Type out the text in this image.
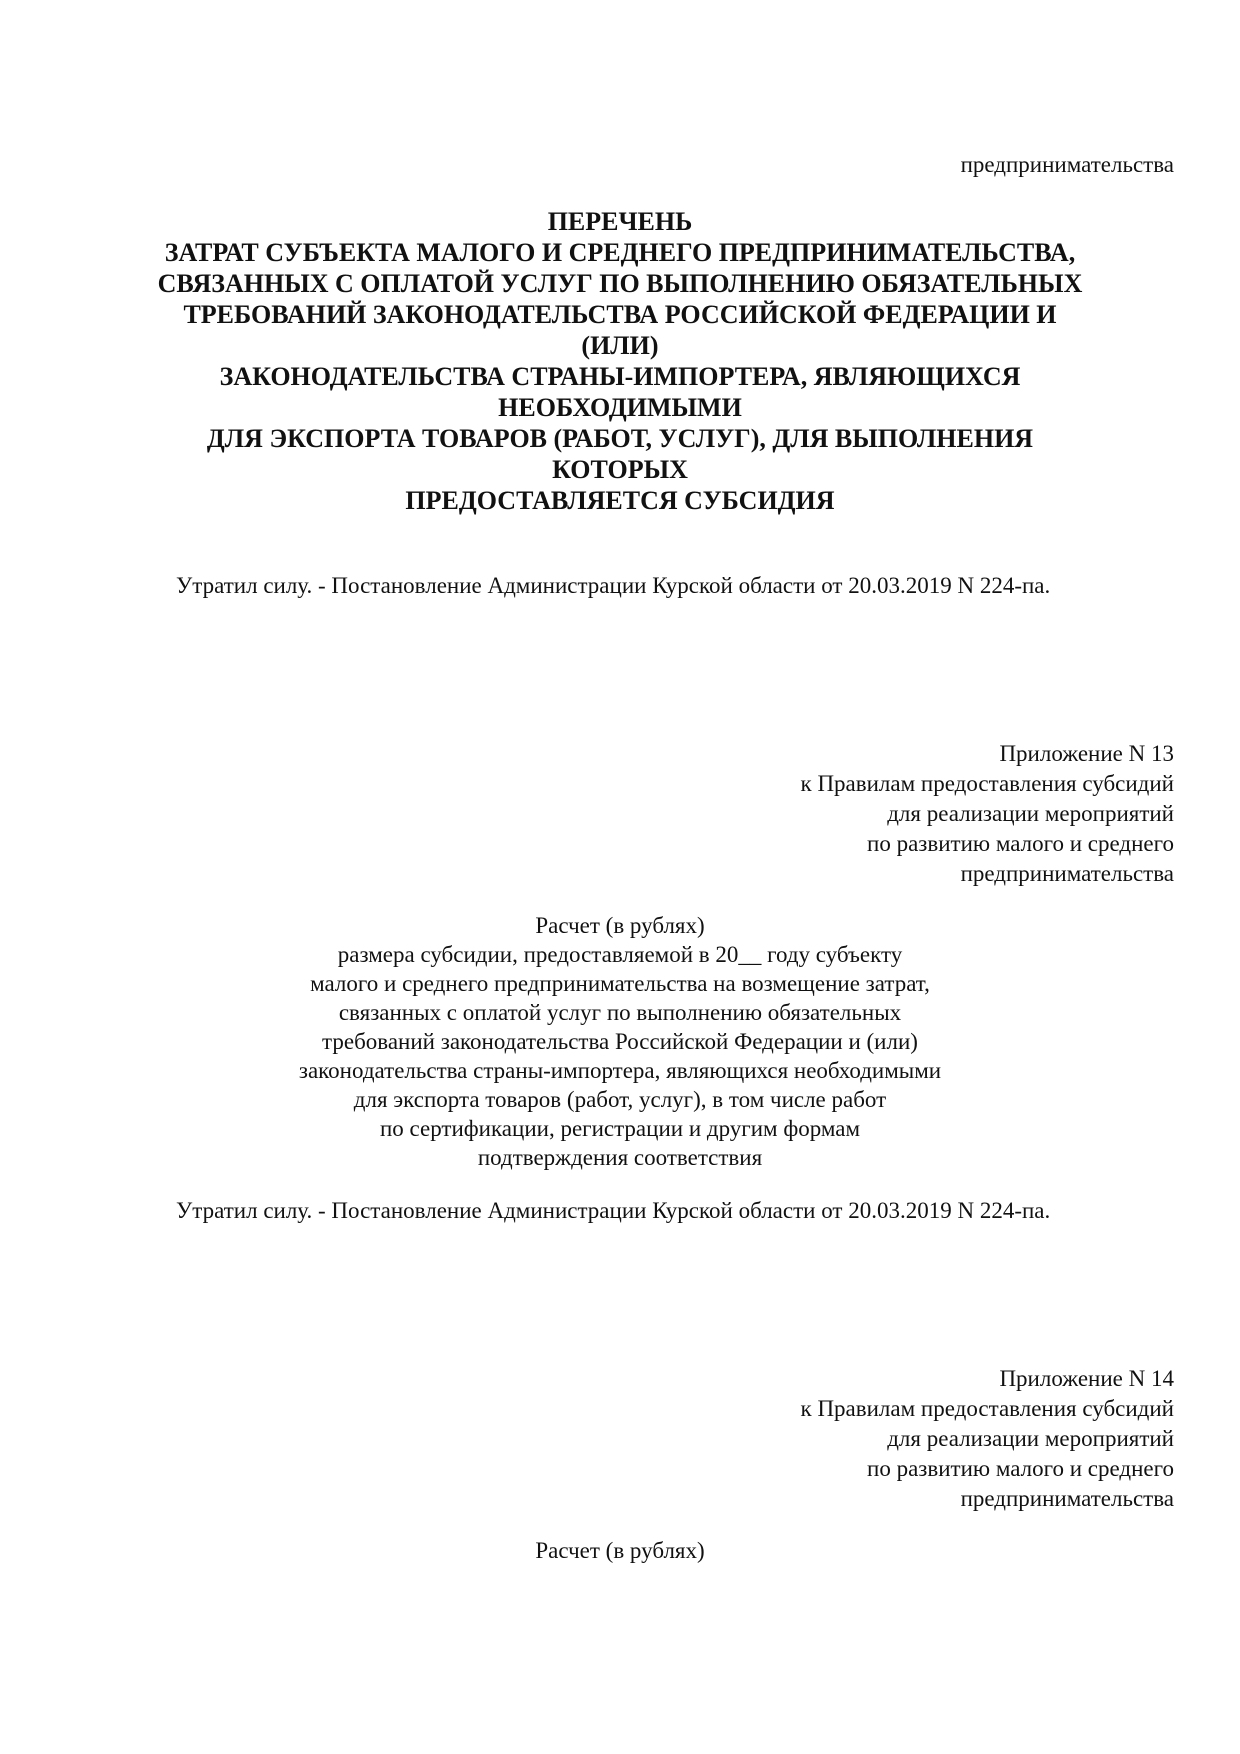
предпринимательства
ПЕРЕЧЕНЬ
ЗАТРАТ СУБЪЕКТА МАЛОГО И СРЕДНЕГО ПРЕДПРИНИМАТЕЛЬСТВА,
СВЯЗАННЫХ С ОПЛАТОЙ УСЛУГ ПО ВЫПОЛНЕНИЮ ОБЯЗАТЕЛЬНЫХ
ТРЕБОВАНИЙ ЗАКОНОДАТЕЛЬСТВА РОССИЙСКОЙ ФЕДЕРАЦИИ И
(ИЛИ)
ЗАКОНОДАТЕЛЬСТВА СТРАНЫ-ИМПОРТЕРА, ЯВЛЯЮЩИХСЯ
НЕОБХОДИМЫМИ
ДЛЯ ЭКСПОРТА ТОВАРОВ (РАБОТ, УСЛУГ), ДЛЯ ВЫПОЛНЕНИЯ
КОТОРЫХ
ПРЕДОСТАВЛЯЕТСЯ СУБСИДИЯ
Утратил силу. - Постановление Администрации Курской области от 20.03.2019 N 224-па.
Приложение N 13
к Правилам предоставления субсидий
для реализации мероприятий
по развитию малого и среднего
предпринимательства
Расчет (в рублях)
размера субсидии, предоставляемой в 20__ году субъекту
малого и среднего предпринимательства на возмещение затрат,
связанных с оплатой услуг по выполнению обязательных
требований законодательства Российской Федерации и (или)
законодательства страны-импортера, являющихся необходимыми
для экспорта товаров (работ, услуг), в том числе работ
по сертификации, регистрации и другим формам
подтверждения соответствия
Утратил силу. - Постановление Администрации Курской области от 20.03.2019 N 224-па.
Приложение N 14
к Правилам предоставления субсидий
для реализации мероприятий
по развитию малого и среднего
предпринимательства
Расчет (в рублях)
